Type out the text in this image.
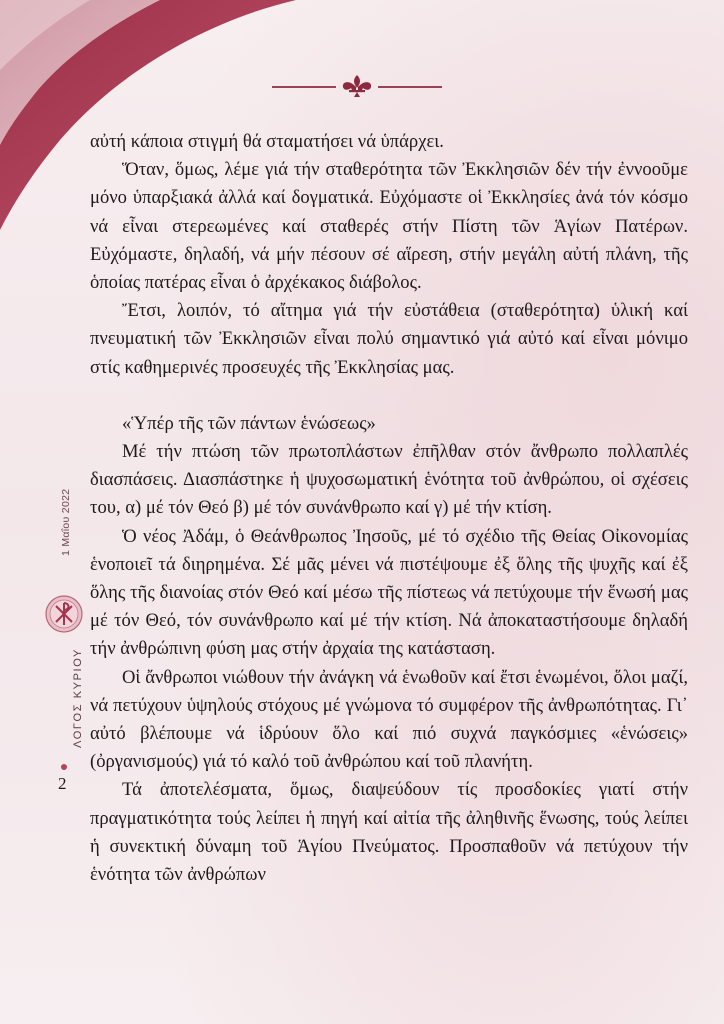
αὐτή κάποια στιγμή θά σταματήσει νά ὑπάρχει.

Ὅταν, ὅμως, λέμε γιά τήν σταθερότητα τῶν Ἐκκλησιῶν δέν τήν ἐννοοῦμε μόνο ὑπαρξιακά ἀλλά καί δογματικά. Εὐχόμαστε οἱ Ἐκκλησίες ἀνά τόν κόσμο νά εἶναι στερεωμένες καί σταθερές στήν Πίστη τῶν Ἁγίων Πατέρων. Εὐχόμαστε, δηλαδή, νά μήν πέσουν σέ αἵρεση, στήν μεγάλη αὐτή πλάνη, τῆς ὁποίας πατέρας εἶναι ὁ ἀρχέκακος διάβολος.

Ἔτσι, λοιπόν, τό αἴτημα γιά τήν εὐστάθεια (σταθερότητα) ὑλική καί πνευματική τῶν Ἐκκλησιῶν εἶναι πολύ σημαντικό γιά αὐτό καί εἶναι μόνιμο στίς καθημερινές προσευχές τῆς Ἐκκλησίας μας.

«Ὑπέρ τῆς τῶν πάντων ἑνώσεως»

Μέ τήν πτώση τῶν πρωτοπλάστων ἐπῆλθαν στόν ἄνθρωπο πολλαπλές διασπάσεις. Διασπάστηκε ἡ ψυχοσωματική ἑνότητα τοῦ ἀνθρώπου, οἱ σχέσεις του, α) μέ τόν Θεό β) μέ τόν συνάνθρωπο καί γ) μέ τήν κτίση.

Ὁ νέος Ἀδάμ, ὁ Θεάνθρωπος Ἰησοῦς, μέ τό σχέδιο τῆς Θείας Οἰκονομίας ἑνοποιεῖ τά διηρημένα. Σέ μᾶς μένει νά πιστέψουμε ἐξ ὅλης τῆς ψυχῆς καί ἐξ ὅλης τῆς διανοίας στόν Θεό καί μέσω τῆς πίστεως νά πετύχουμε τήν ἕνωσή μας μέ τόν Θεό, τόν συνάνθρωπο καί μέ τήν κτίση. Νά ἀποκαταστήσουμε δηλαδή τήν ἀνθρώπινη φύση μας στήν ἀρχαία της κατάσταση.

Οἱ ἄνθρωποι νιώθουν τήν ἀνάγκη νά ἑνωθοῦν καί ἔτσι ἑνωμένοι, ὅλοι μαζί, νά πετύχουν ὑψηλούς στόχους μέ γνώμονα τό συμφέρον τῆς ἀνθρωπότητας. Γι᾽ αὐτό βλέπουμε νά ἱδρύουν ὅλο καί πιό συχνά παγκόσμιες «ἑνώσεις» (ὀργανισμούς) γιά τό καλό τοῦ ἀνθρώπου καί τοῦ πλανήτη.

Τά ἀποτελέσματα, ὅμως, διαψεύδουν τίς προσδοκίες γιατί στήν πραγματικότητα τούς λείπει ἡ πηγή καί αἰτία τῆς ἀληθινῆς ἕνωσης, τούς λείπει ἡ συνεκτική δύναμη τοῦ Ἁγίου Πνεύματος. Προσπαθοῦν νά πετύχουν τήν ἑνότητα τῶν ἀνθρώπων

1 Μαΐου 2022
ΛΟΓΟΣ ΚΥΡΙΟΥ
2
